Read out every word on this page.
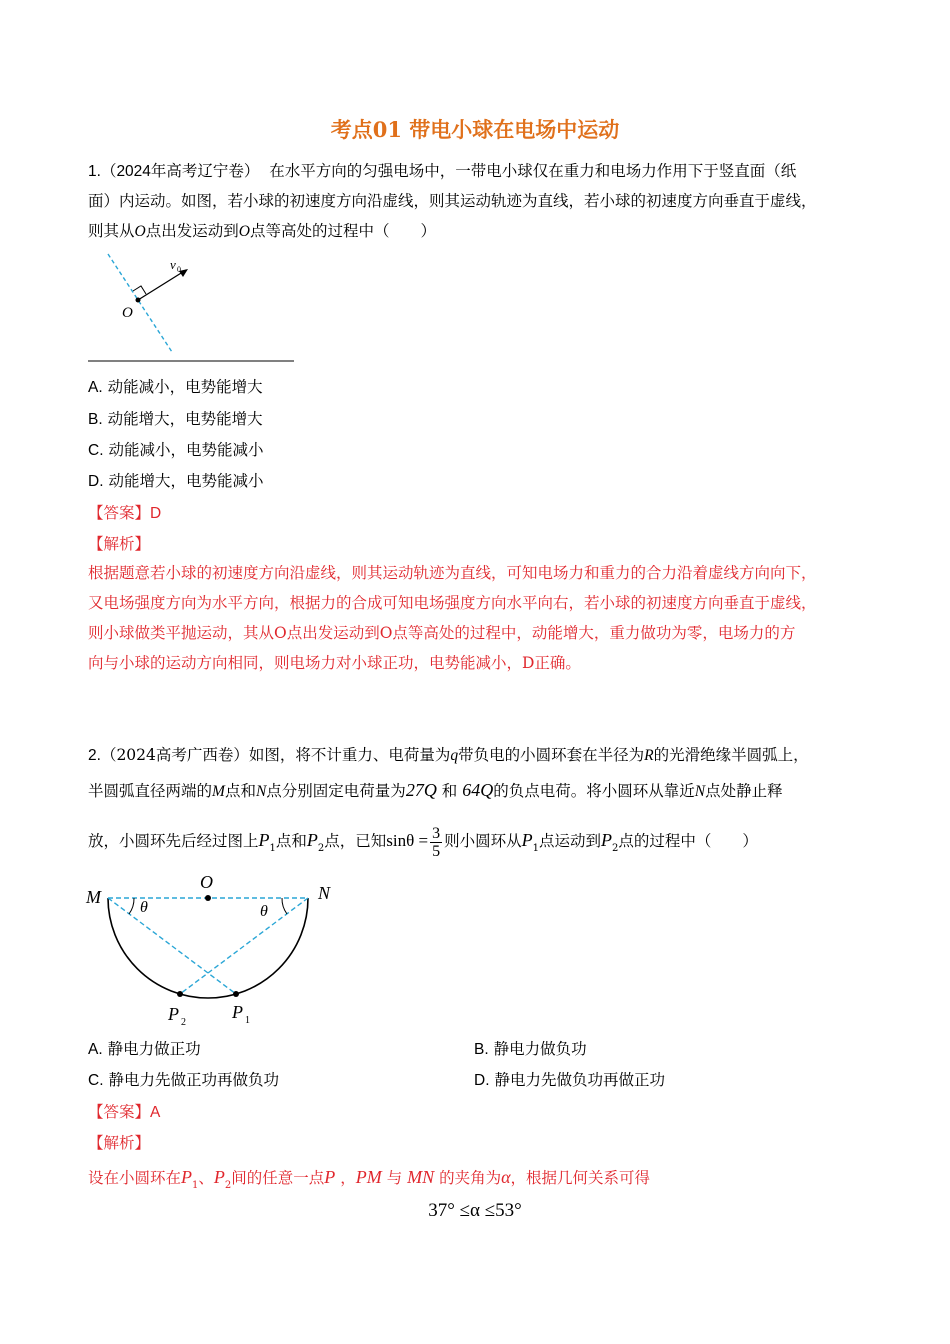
考点01 带电小球在电场中运动
1.（2024年高考辽宁卷） 在水平方向的匀强电场中，一带电小球仅在重力和电场力作用下于竖直面（纸
面）内运动。如图，若小球的初速度方向沿虚线，则其运动轨迹为直线，若小球的初速度方向垂直于虚线，
则其从O点出发运动到O点等高处的过程中（　　）
v 0
O
A. 动能减小，电势能增大
B. 动能增大，电势能增大
C. 动能减小，电势能减小
D. 动能增大，电势能减小
【答案】D
【解析】
根据题意若小球的初速度方向沿虚线，则其运动轨迹为直线，可知电场力和重力的合力沿着虚线方向向下，
又电场强度方向为水平方向，根据力的合成可知电场强度方向水平向右，若小球的初速度方向垂直于虚线，
则小球做类平抛运动，其从O点出发运动到O点等高处的过程中，动能增大，重力做功为零，电场力的方
向与小球的运动方向相同，则电场力对小球正功，电势能减小，D正确。
2.（2024高考广西卷）如图，将不计重力、电荷量为q带负电的小圆环套在半径为R的光滑绝缘半圆弧上，
半圆弧直径两端的M点和N点分别固定电荷量为27Q 和 64Q的负点电荷。将小圆环从靠近N点处静止释
放，小圆环先后经过图上$P_1$点和$P_2$点，已知$\sin\theta = \frac{3}{5}$ 则小圆环从$P_1$点运动到$P_2$点的过程中（　　）
M
O
N
θ	θ
P 2
P 1
A. 静电力做正功	B. 静电力做负功
C. 静电力先做正功再做负功	D. 静电力先做负功再做正功
【答案】A
【解析】
设在小圆环在$P_1$、$P_2$间的任意一点P ，PM 与 MN 的夹角为α，根据几何关系可得
37° ≤α ≤53°
